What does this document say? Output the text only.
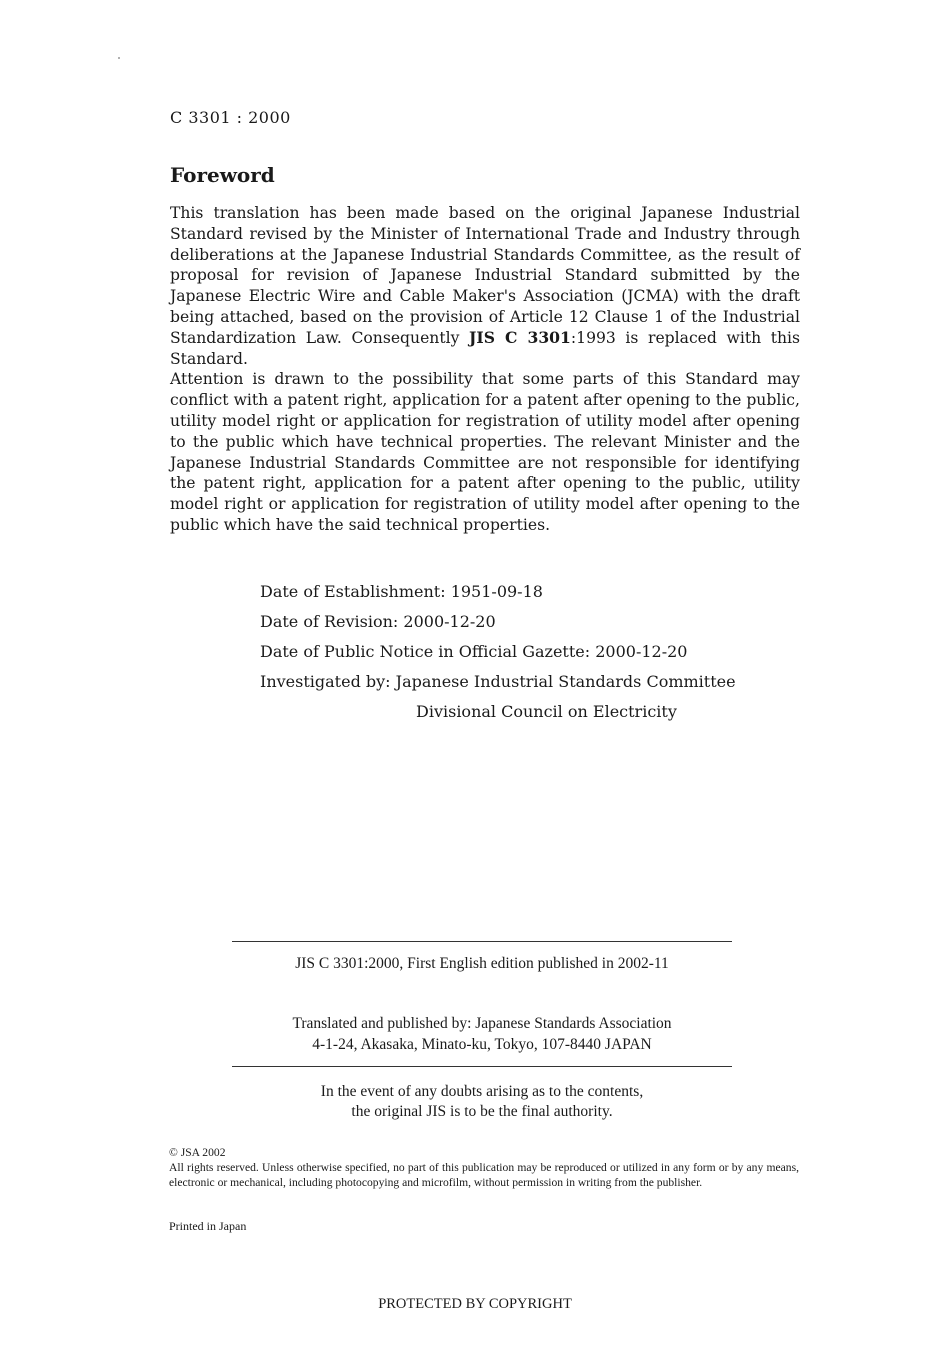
C 3301 : 2000
Foreword

This translation has been made based on the original Japanese Industrial Standard revised by the Minister of International Trade and Industry through deliberations at the Japanese Industrial Standards Committee, as the result of proposal for revision of Japanese Industrial Standard submitted by the Japanese Electric Wire and Cable Maker's Association (JCMA) with the draft being attached, based on the provision of Article 12 Clause 1 of the Industrial Standardization Law. Consequently JIS C 3301:1993 is replaced with this Standard.

Attention is drawn to the possibility that some parts of this Standard may conflict with a patent right, application for a patent after opening to the public, utility model right or application for registration of utility model after opening to the public which have technical properties. The relevant Minister and the Japanese Industrial Standards Committee are not responsible for identifying the patent right, application for a patent after opening to the public, utility model right or application for registration of utility model after opening to the public which have the said technical properties.

Date of Establishment: 1951-09-18
Date of Revision: 2000-12-20
Date of Public Notice in Official Gazette: 2000-12-20
Investigated by: Japanese Industrial Standards Committee
Divisional Council on Electricity
JIS C 3301:2000, First English edition published in 2002-11
Translated and published by: Japanese Standards Association
4-1-24, Akasaka, Minato-ku, Tokyo, 107-8440 JAPAN
In the event of any doubts arising as to the contents,
the original JIS is to be the final authority.

© JSA 2002

All rights reserved. Unless otherwise specified, no part of this publication may be reproduced or utilized in any form or by any means, electronic or mechanical, including photocopying and microfilm, without permission in writing from the publisher.

Printed in Japan
PROTECTED BY COPYRIGHT
